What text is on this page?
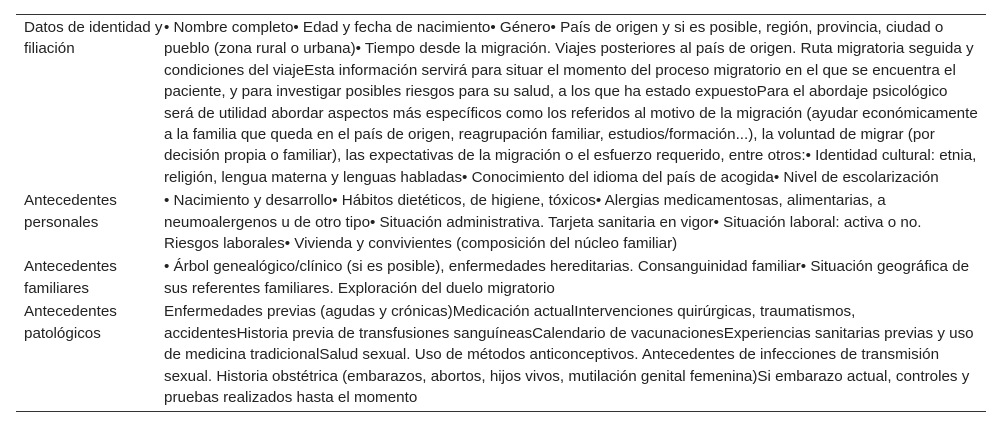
Datos de identidad y filiación	• Nombre completo• Edad y fecha de nacimiento• Género• País de origen y si es posible, región, provincia, ciudad o pueblo (zona rural o urbana)• Tiempo desde la migración. Viajes posteriores al país de origen. Ruta migratoria seguida y condiciones del viajeEsta información servirá para situar el momento del proceso migratorio en el que se encuentra el paciente, y para investigar posibles riesgos para su salud, a los que ha estado expuestoPara el abordaje psicológico será de utilidad abordar aspectos más específicos como los referidos al motivo de la migración (ayudar económicamente a la familia que queda en el país de origen, reagrupación familiar, estudios/formación...), la voluntad de migrar (por decisión propia o familiar), las expectativas de la migración o el esfuerzo requerido, entre otros:• Identidad cultural: etnia, religión, lengua materna y lenguas habladas• Conocimiento del idioma del país de acogida• Nivel de escolarización
Antecedentes personales	• Nacimiento y desarrollo• Hábitos dietéticos, de higiene, tóxicos• Alergias medicamentosas, alimentarias, a neumoalergenos u de otro tipo• Situación administrativa. Tarjeta sanitaria en vigor• Situación laboral: activa o no. Riesgos laborales• Vivienda y convivientes (composición del núcleo familiar)
Antecedentes familiares	• Árbol genealógico/clínico (si es posible), enfermedades hereditarias. Consanguinidad familiar• Situación geográfica de sus referentes familiares. Exploración del duelo migratorio
Antecedentes patológicos	Enfermedades previas (agudas y crónicas)Medicación actualIntervenciones quirúrgicas, traumatismos, accidentesHistoria previa de transfusiones sanguíneasCalendario de vacunacionesExperiencias sanitarias previas y uso de medicina tradicionalSalud sexual. Uso de métodos anticonceptivos. Antecedentes de infecciones de transmisión sexual. Historia obstétrica (embarazos, abortos, hijos vivos, mutilación genital femenina)Si embarazo actual, controles y pruebas realizados hasta el momento
